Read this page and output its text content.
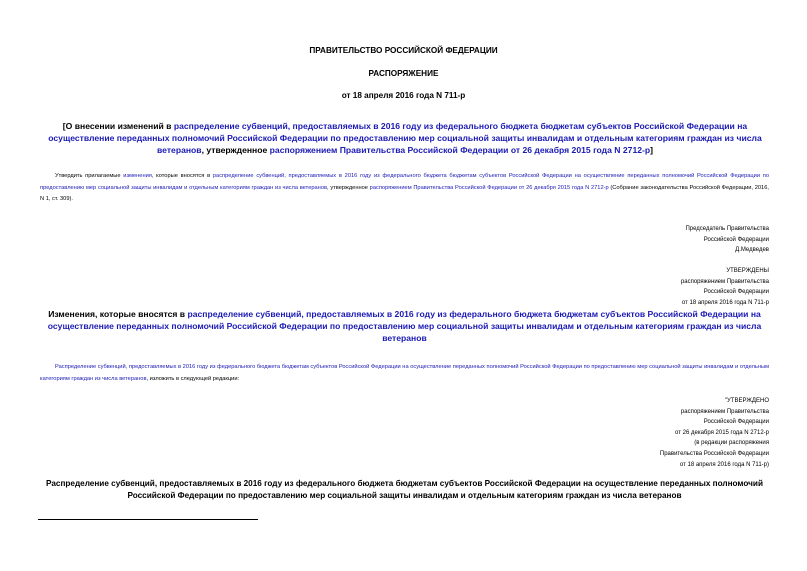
ПРАВИТЕЛЬСТВО РОССИЙСКОЙ ФЕДЕРАЦИИ
РАСПОРЯЖЕНИЕ
от 18 апреля 2016 года N 711-р
[О внесении изменений в распределение субвенций, предоставляемых в 2016 году из федерального бюджета бюджетам субъектов Российской Федерации на осуществление переданных полномочий Российской Федерации по предоставлению мер социальной защиты инвалидам и отдельным категориям граждан из числа ветеранов, утвержденное распоряжением Правительства Российской Федерации от 26 декабря 2015 года N 2712-р]
Утвердить прилагаемые изменения, которые вносятся в распределение субвенций, предоставляемых в 2016 году из федерального бюджета бюджетам субъектов Российской Федерации на осуществление переданных полномочий Российской Федерации по предоставлению мер социальной защиты инвалидам и отдельным категориям граждан из числа ветеранов, утвержденное распоряжением Правительства Российской Федерации от 26 декабря 2015 года N 2712-р (Собрание законодательства Российской Федерации, 2016, N 1, ст. 309).
Председатель Правительства
Российской Федерации
Д.Медведев
УТВЕРЖДЕНЫ
распоряжением Правительства
Российской Федерации
от 18 апреля 2016 года N 711-р
Изменения, которые вносятся в распределение субвенций, предоставляемых в 2016 году из федерального бюджета бюджетам субъектов Российской Федерации на осуществление переданных полномочий Российской Федерации по предоставлению мер социальной защиты инвалидам и отдельным категориям граждан из числа ветеранов
Распределение субвенций, предоставляемых в 2016 году из федерального бюджета бюджетам субъектов Российской Федерации на осуществление переданных полномочий Российской Федерации по предоставлению мер социальной защиты инвалидам и отдельным категориям граждан из числа ветеранов, изложить в следующей редакции:
"УТВЕРЖДЕНО
распоряжением Правительства
Российской Федерации
от 26 декабря 2015 года N 2712-р
(в редакции распоряжения
Правительства Российской Федерации
от 18 апреля 2016 года N 711-р)
Распределение субвенций, предоставляемых в 2016 году из федерального бюджета бюджетам субъектов Российской Федерации на осуществление переданных полномочий Российской Федерации по предоставлению мер социальной защиты инвалидам и отдельным категориям граждан из числа ветеранов
